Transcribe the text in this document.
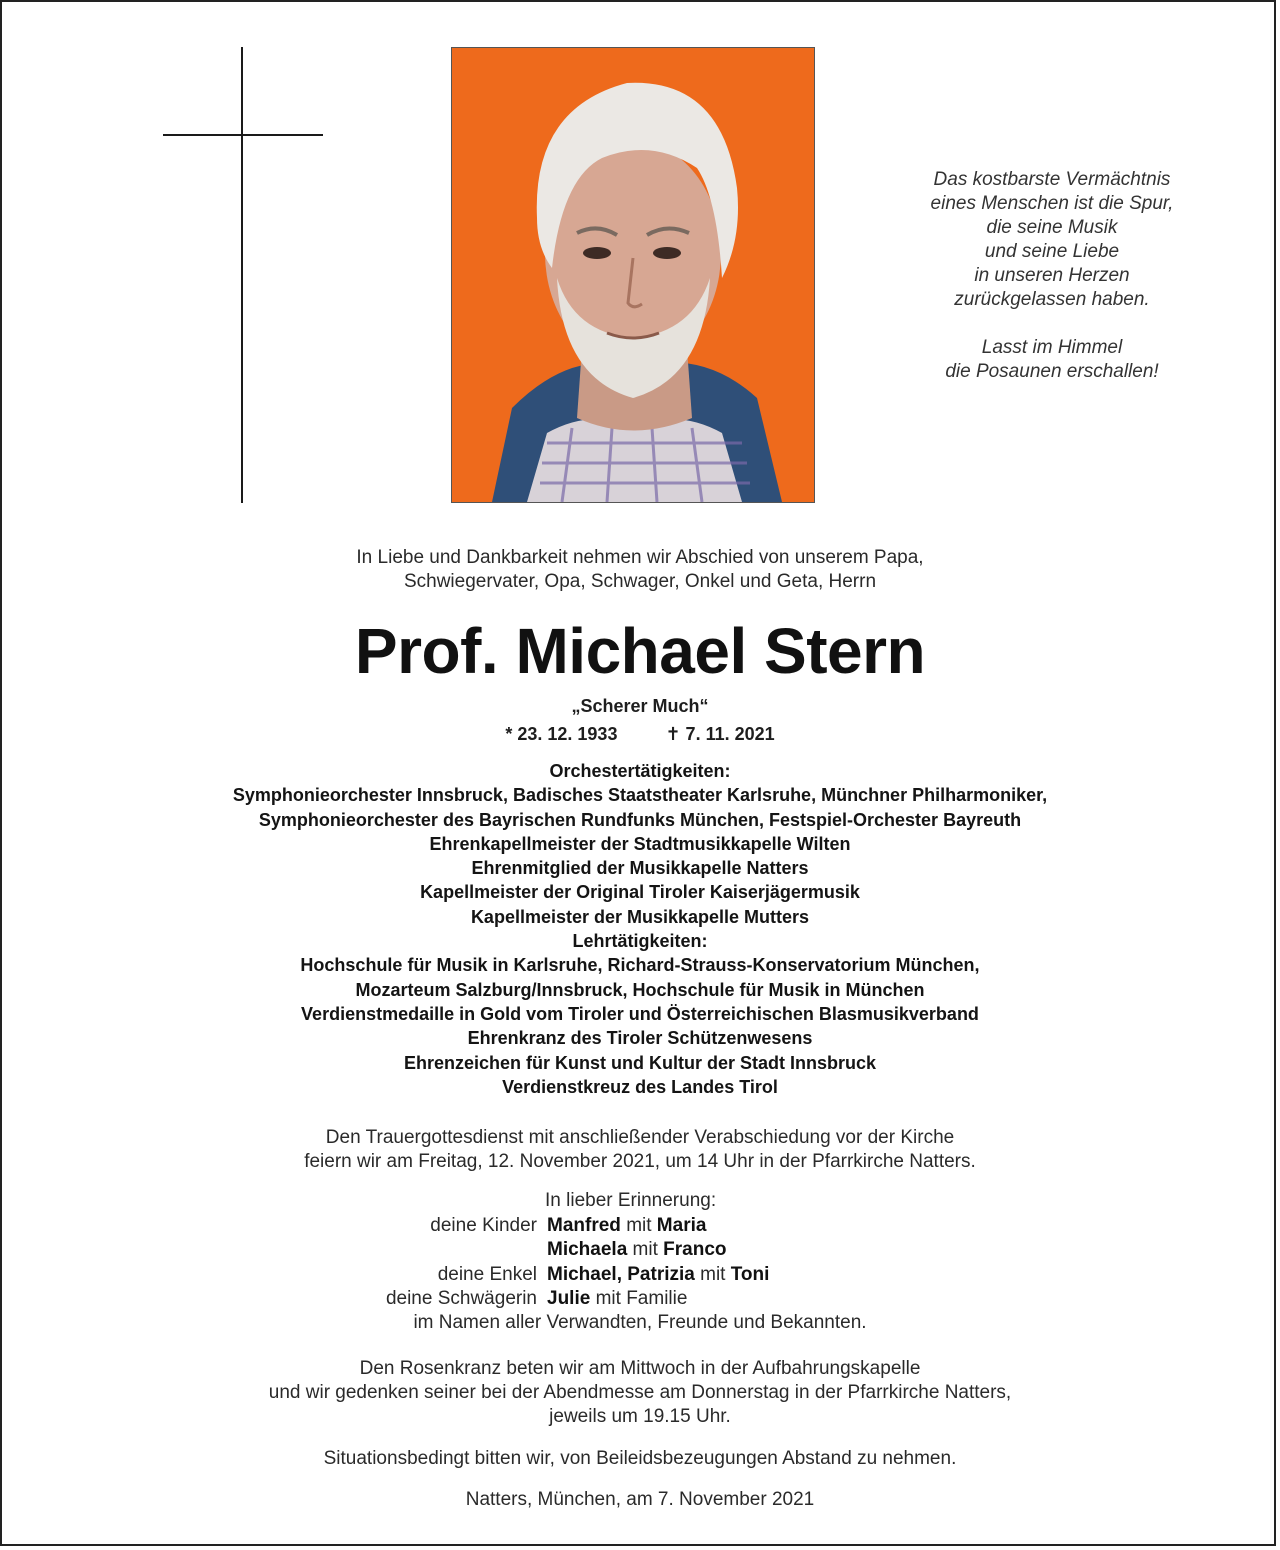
Das kostbarste Vermächtnis
eines Menschen ist die Spur,
die seine Musik
und seine Liebe
in unseren Herzen
zurückgelassen haben.
Lasst im Himmel
die Posaunen erschallen!
In Liebe und Dankbarkeit nehmen wir Abschied von unserem Papa,
Schwiegervater, Opa, Schwager, Onkel und Geta, Herrn
Prof. Michael Stern
„Scherer Much“
* 23. 12. 1933	✝ 7. 11. 2021
Orchestertätigkeiten:
Symphonieorchester Innsbruck, Badisches Staatstheater Karlsruhe, Münchner Philharmoniker,
Symphonieorchester des Bayrischen Rundfunks München, Festspiel-Orchester Bayreuth
Ehrenkapellmeister der Stadtmusikkapelle Wilten
Ehrenmitglied der Musikkapelle Natters
Kapellmeister der Original Tiroler Kaiserjägermusik
Kapellmeister der Musikkapelle Mutters
Lehrtätigkeiten:
Hochschule für Musik in Karlsruhe, Richard-Strauss-Konservatorium München,
Mozarteum Salzburg/Innsbruck, Hochschule für Musik in München
Verdienstmedaille in Gold vom Tiroler und Österreichischen Blasmusikverband
Ehrenkranz des Tiroler Schützenwesens
Ehrenzeichen für Kunst und Kultur der Stadt Innsbruck
Verdienstkreuz des Landes Tirol
Den Trauergottesdienst mit anschließender Verabschiedung vor der Kirche
feiern wir am Freitag, 12. November 2021, um 14 Uhr in der Pfarrkirche Natters.
In lieber Erinnerung:
deine Kinder Manfred mit Maria
Michaela mit Franco
deine Enkel Michael, Patrizia mit Toni
deine Schwägerin Julie mit Familie
im Namen aller Verwandten, Freunde und Bekannten.
Den Rosenkranz beten wir am Mittwoch in der Aufbahrungskapelle
und wir gedenken seiner bei der Abendmesse am Donnerstag in der Pfarrkirche Natters,
jeweils um 19.15 Uhr.
Situationsbedingt bitten wir, von Beileidsbezeugungen Abstand zu nehmen.
Natters, München, am 7. November 2021
